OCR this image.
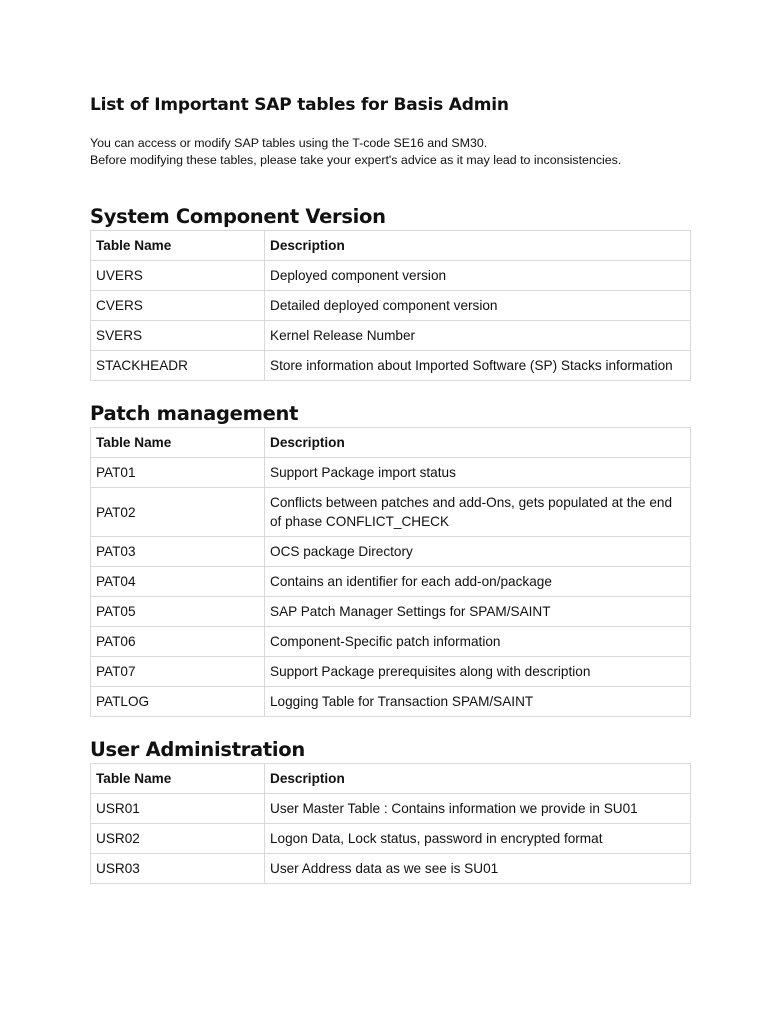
List of Important SAP tables for Basis Admin

You can access or modify SAP tables using the T-code SE16 and SM30.

Before modifying these tables, please take your expert's advice as it may lead to inconsistencies.

System Component Version
Table Name	Description
UVERS	Deployed component version
CVERS	Detailed deployed component version
SVERS	Kernel Release Number
STACKHEADR	Store information about Imported Software (SP) Stacks information
Patch management
Table Name	Description
PAT01	Support Package import status
PAT02	Conflicts between patches and add-Ons, gets populated at the end of phase CONFLICT_CHECK
PAT03	OCS package Directory
PAT04	Contains an identifier for each add-on/package
PAT05	SAP Patch Manager Settings for SPAM/SAINT
PAT06	Component-Specific patch information
PAT07	Support Package prerequisites along with description
PATLOG	Logging Table for Transaction SPAM/SAINT
User Administration
Table Name	Description
USR01	User Master Table : Contains information we provide in SU01
USR02	Logon Data, Lock status, password in encrypted format
USR03	User Address data as we see is SU01
